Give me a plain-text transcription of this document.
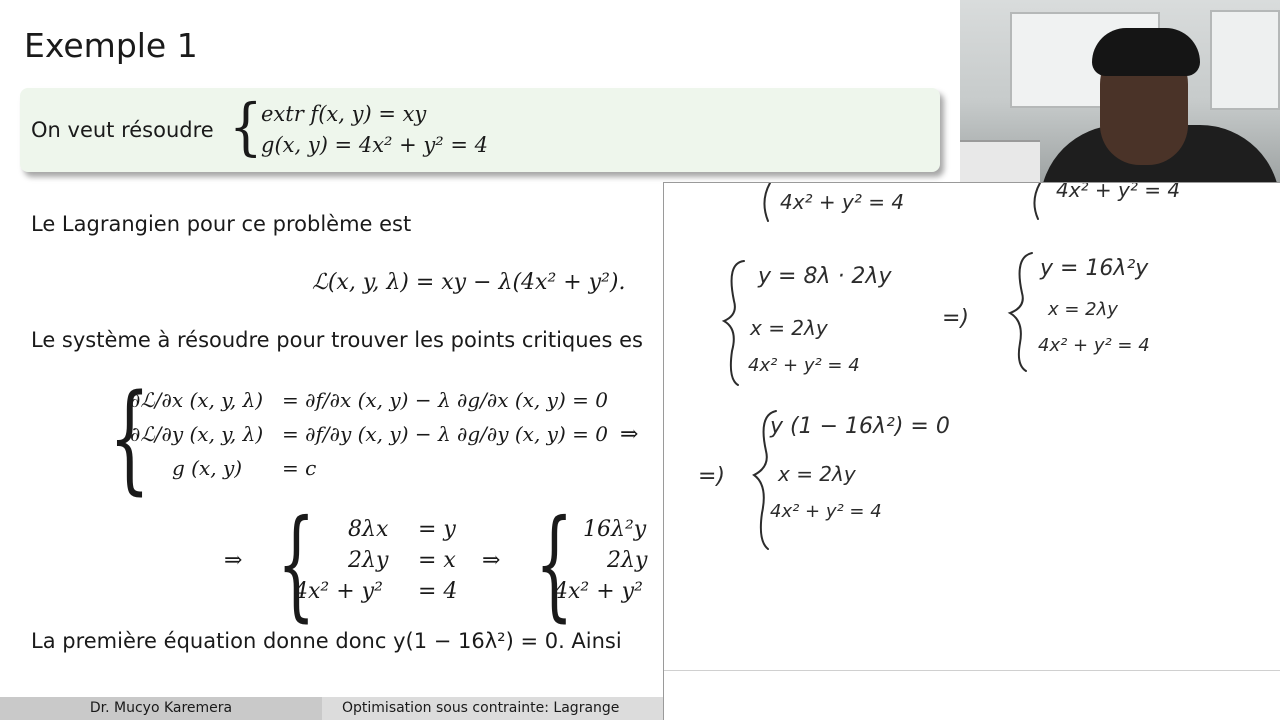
Exemple 1
On veut résoudre {
extr f(x, y) = xy
g(x, y) = 4x² + y² = 4
Le Lagrangien pour ce problème est
ℒ(x, y, λ) = xy − λ(4x² + y²).
Le système à résoudre pour trouver les points critiques es
{
∂ℒ/∂x (x, y, λ) = ∂f/∂x (x, y) − λ ∂g/∂x (x, y) = 0
∂ℒ/∂y (x, y, λ) = ∂f/∂y (x, y) − λ ∂g/∂y (x, y) = 0
g (x, y) = c
⇒
⇒ { 8λx = y
2λy = x
4x² + y² = 4
⇒ { 16λ²y
2λy
4x² + y²
La première équation donne donc y(1 − 16λ²) = 0. Ainsi
Dr. Mucyo Karemera	Optimisation sous contrainte: Lagrange
4x² + y² = 4	4x² + y² = 4
y = 8λ · 2λy
x = 2λy
4x² + y² = 4
=)
y = 16λ²y
x = 2λy
4x² + y² = 4
=)
y (1 − 16λ²) = 0
x = 2λy
4x² + y² = 4
